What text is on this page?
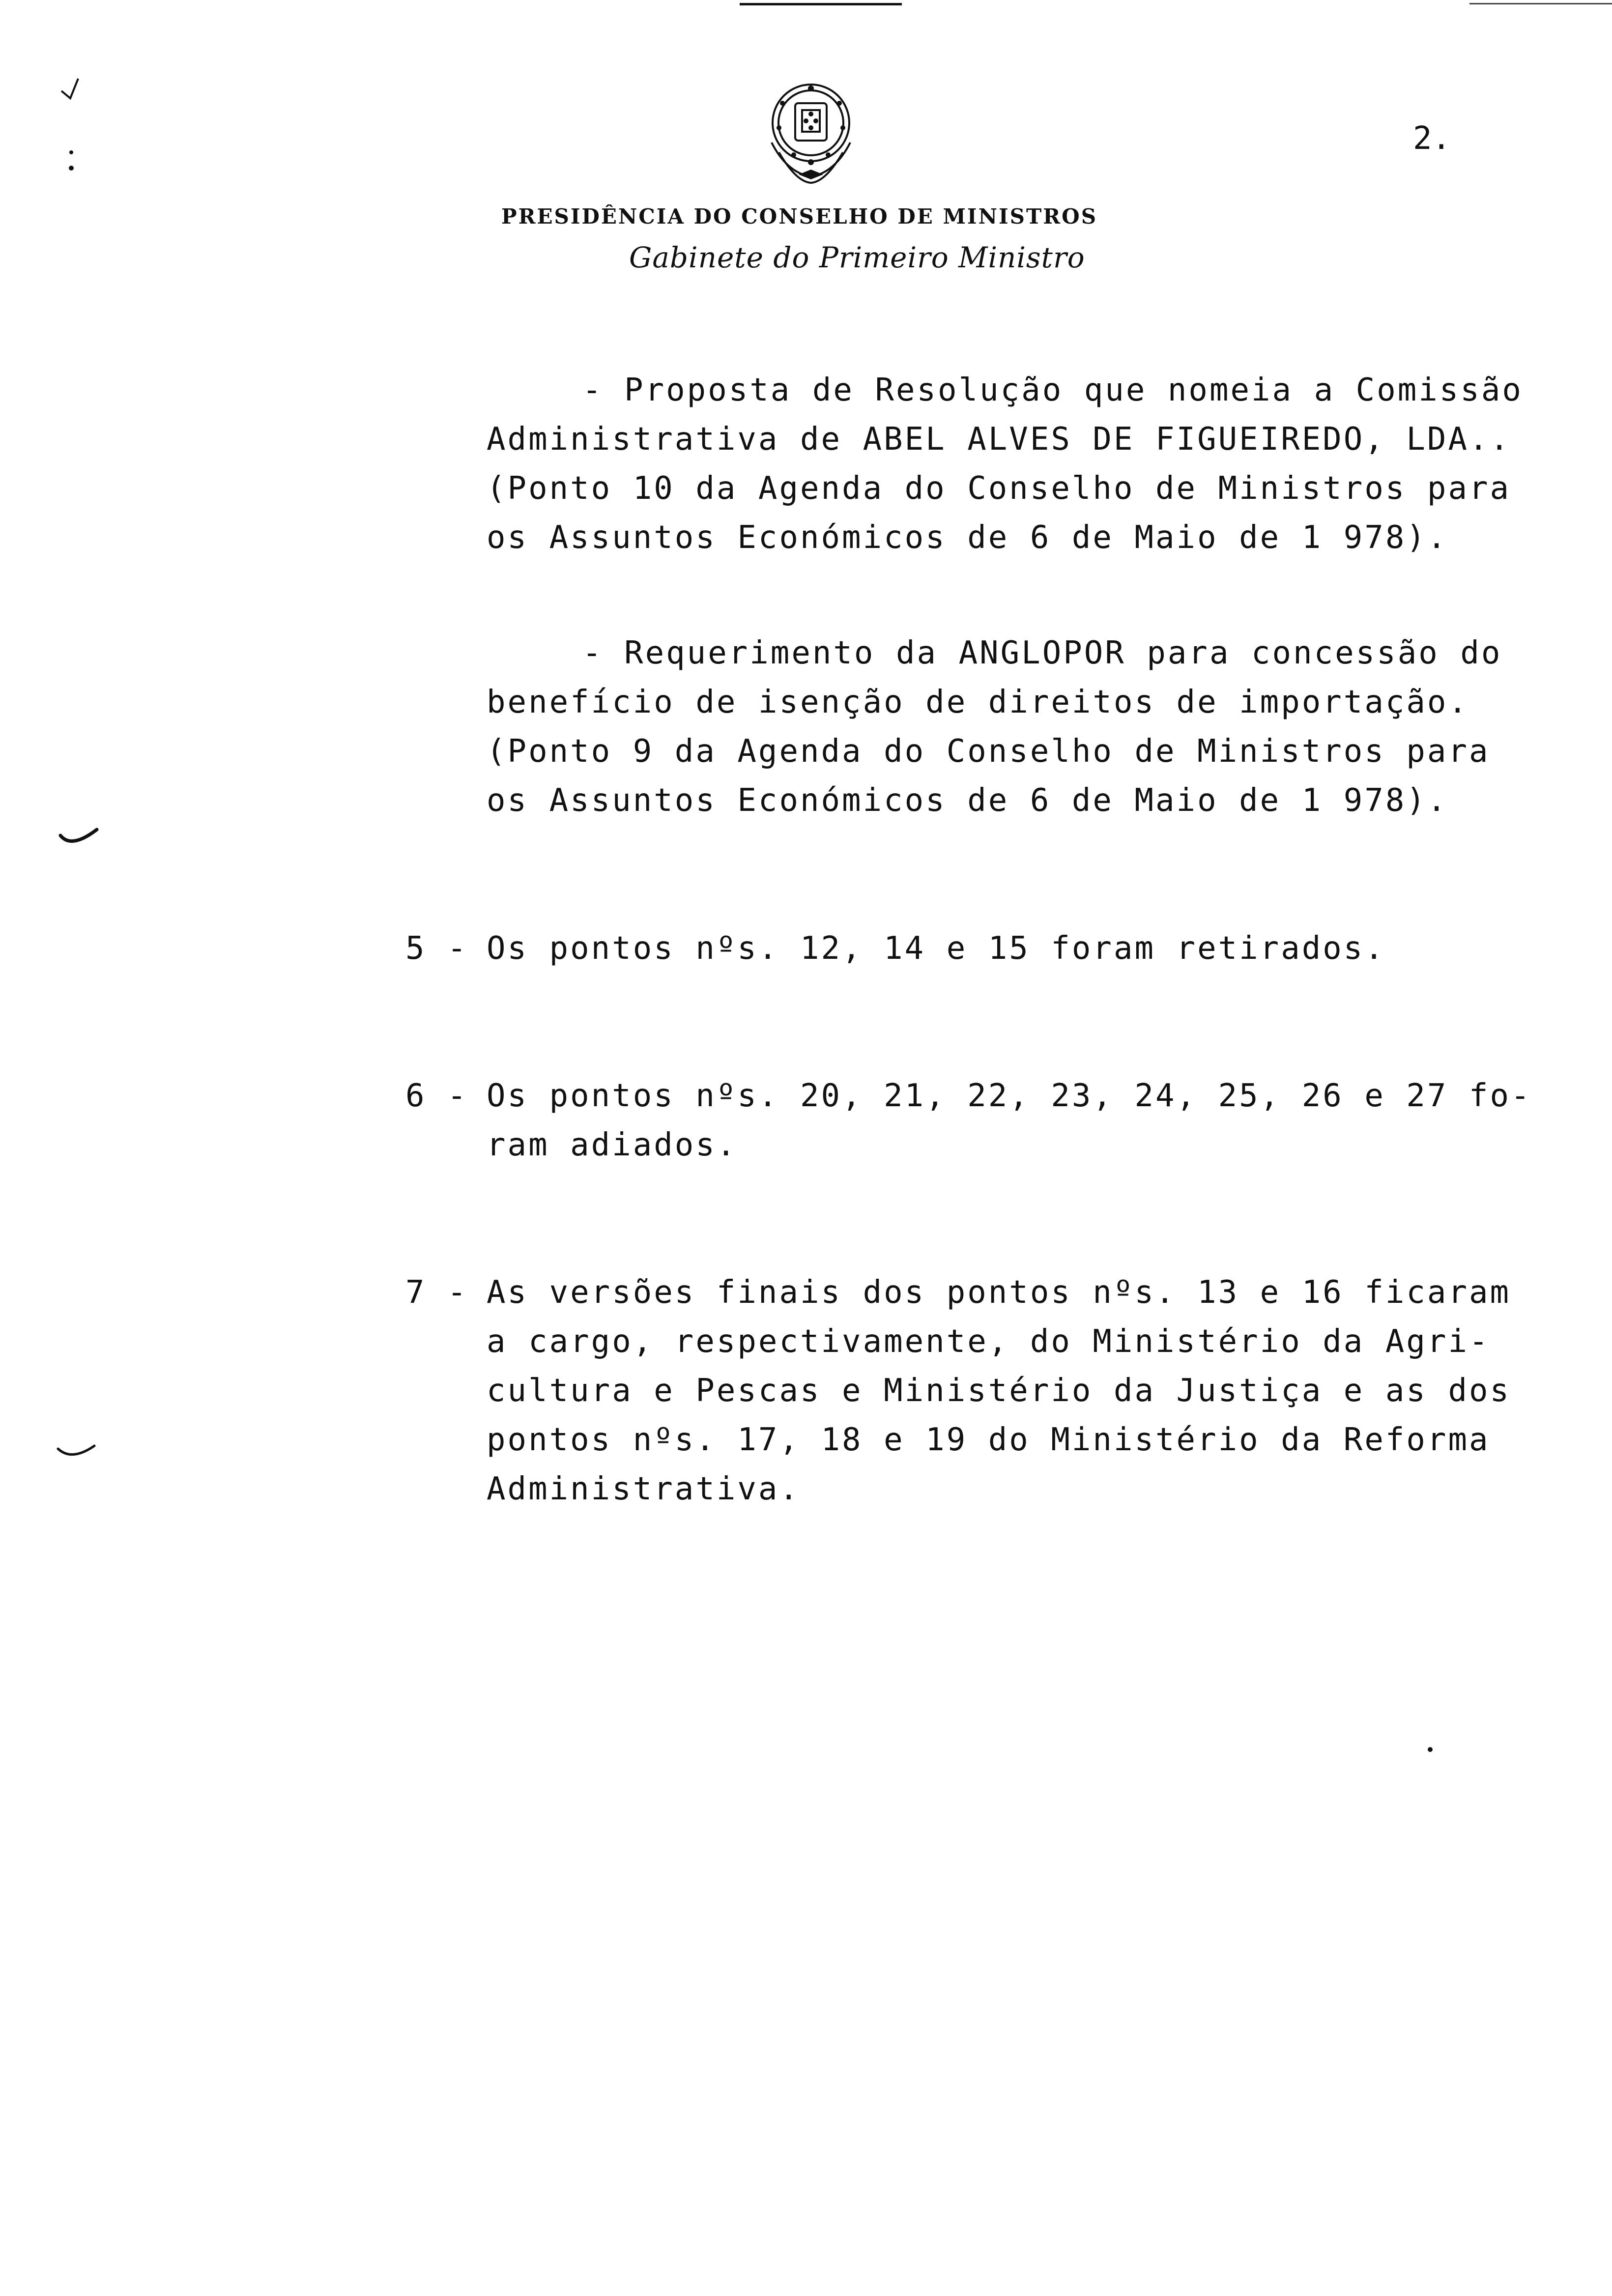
2.
PRESIDÊNCIA DO CONSELHO DE MINISTROS
Gabinete do Primeiro Ministro
- Proposta de Resolução que nomeia a Comissão
Administrativa de ABEL ALVES DE FIGUEIREDO, LDA..
(Ponto 10 da Agenda do Conselho de Ministros para
os Assuntos Económicos de 6 de Maio de 1 978).
- Requerimento da ANGLOPOR para concessão do
benefício de isenção de direitos de importação.
(Ponto 9 da Agenda do Conselho de Ministros para
os Assuntos Económicos de 6 de Maio de 1 978).
5 - Os pontos nºs. 12, 14 e 15 foram retirados.
6 - Os pontos nºs. 20, 21, 22, 23, 24, 25, 26 e 27 fo-
ram adiados.
7 - As versões finais dos pontos nºs. 13 e 16 ficaram
a cargo, respectivamente, do Ministério da Agri-
cultura e Pescas e Ministério da Justiça e as dos
pontos nºs. 17, 18 e 19 do Ministério da Reforma
Administrativa.
